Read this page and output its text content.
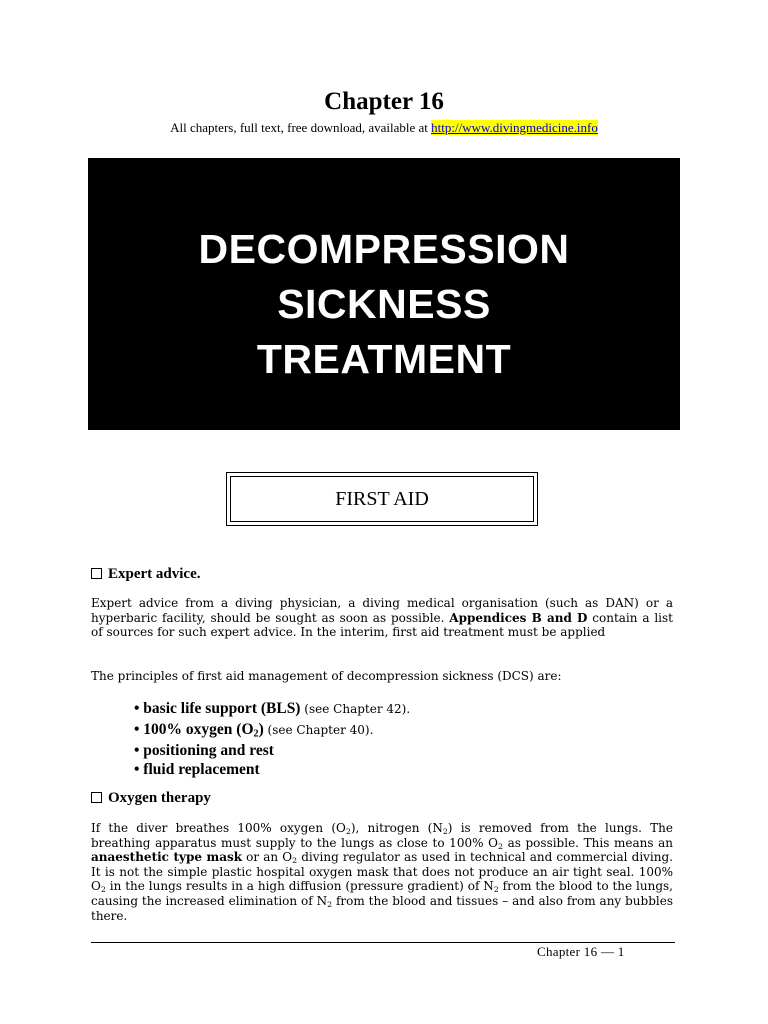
Chapter 16
All chapters, full text, free download, available at http://www.divingmedicine.info
DECOMPRESSION
SICKNESS
TREATMENT
FIRST AID
Expert advice.
Expert advice from a diving physician, a diving medical organisation (such as DAN) or a hyperbaric facility, should be sought as soon as possible. Appendices B and D contain a list of sources for such expert advice. In the interim, first aid treatment must be applied
The principles of first aid management of decompression sickness (DCS) are:
• basic life support (BLS) (see Chapter 42).
• 100% oxygen $(O_2)$ (see Chapter 40).
• positioning and rest
• fluid replacement
Oxygen therapy
If the diver breathes 100% oxygen $(O_2)$, nitrogen $(N_2)$ is removed from the lungs. The breathing apparatus must supply to the lungs as close to 100% $O_2$ as possible. This means an anaesthetic type mask or an $O_2$ diving regulator as used in technical and commercial diving. It is not the simple plastic hospital oxygen mask that does not produce an air tight seal. 100% $O_2$ in the lungs results in a high diffusion (pressure gradient) of $N_2$ from the blood to the lungs, causing the increased elimination of $N_2$ from the blood and tissues – and also from any bubbles there.
Chapter 16 — 1
